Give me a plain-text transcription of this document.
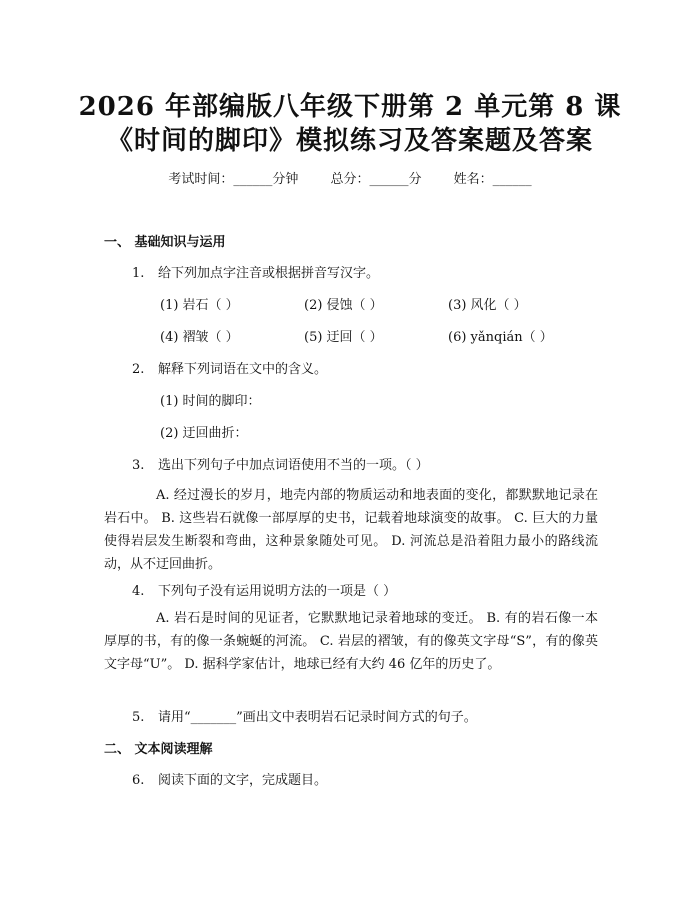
2026 年部编版八年级下册第 2 单元第 8 课
《时间的脚印》模拟练习及答案题及答案
考试时间：______分钟 总分：______分 姓名：______
一、 基础知识与运用
1. 给下列加点字注音或根据拼音写汉字。
(1) 岩石（ ）	(2) 侵蚀（ ）	(3) 风化（ ）
(4) 褶皱（ ）	(5) 迂回（ ）	(6) yǎnqián（ ）
2. 解释下列词语在文中的含义。
(1) 时间的脚印：
(2) 迂回曲折：
3. 选出下列句子中加点词语使用不当的一项。（ ）
A. 经过漫长的岁月，地壳内部的物质运动和地表面的变化，都默默地记录在岩石中。 B. 这些岩石就像一部厚厚的史书，记载着地球演变的故事。 C. 巨大的力量使得岩层发生断裂和弯曲，这种景象随处可见。 D. 河流总是沿着阻力最小的路线流动，从不迂回曲折。
4. 下列句子没有运用说明方法的一项是（ ）
A. 岩石是时间的见证者，它默默地记录着地球的变迁。 B. 有的岩石像一本厚厚的书，有的像一条蜿蜒的河流。 C. 岩层的褶皱，有的像英文字母“S”，有的像英文字母“U”。 D. 据科学家估计，地球已经有大约 46 亿年的历史了。
5. 请用“_______”画出文中表明岩石记录时间方式的句子。
二、 文本阅读理解
6. 阅读下面的文字，完成题目。
